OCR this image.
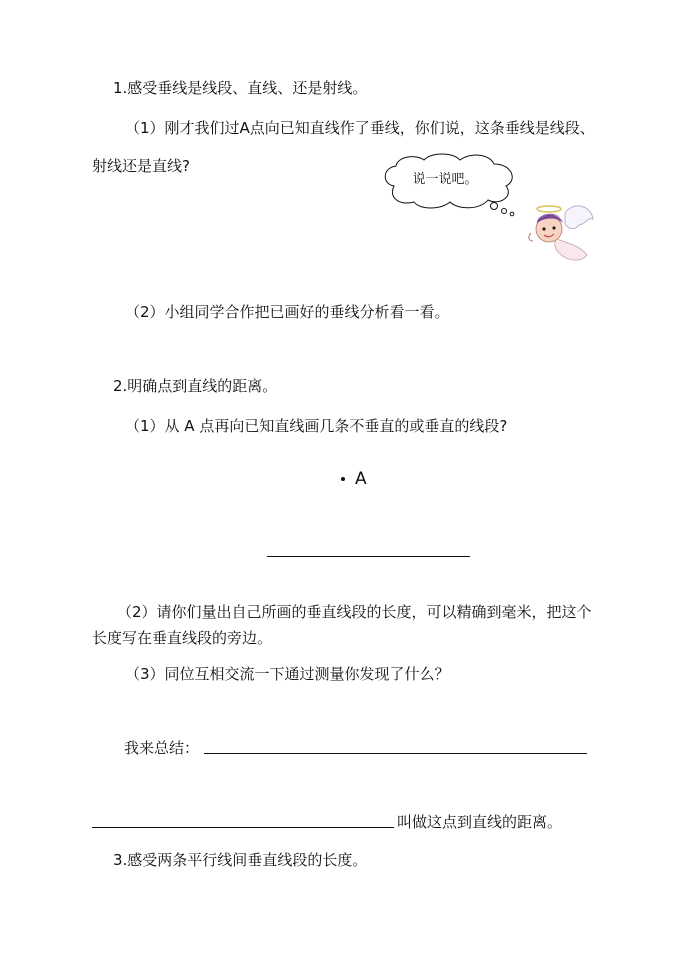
1.感受垂线是线段、直线、还是射线。
（1）刚才我们过A点向已知直线作了垂线，你们说，这条垂线是线段、
射线还是直线?
说一说吧。
（2）小组同学合作把已画好的垂线分析看一看。
2.明确点到直线的距离。
（1）从 A 点再向已知直线画几条不垂直的或垂直的线段?
A
（2）请你们量出自己所画的垂直线段的长度，可以精确到毫米，把这个
长度写在垂直线段的旁边。
（3）同位互相交流一下通过测量你发现了什么？
我来总结：
叫做这点到直线的距离。
3.感受两条平行线间垂直线段的长度。
